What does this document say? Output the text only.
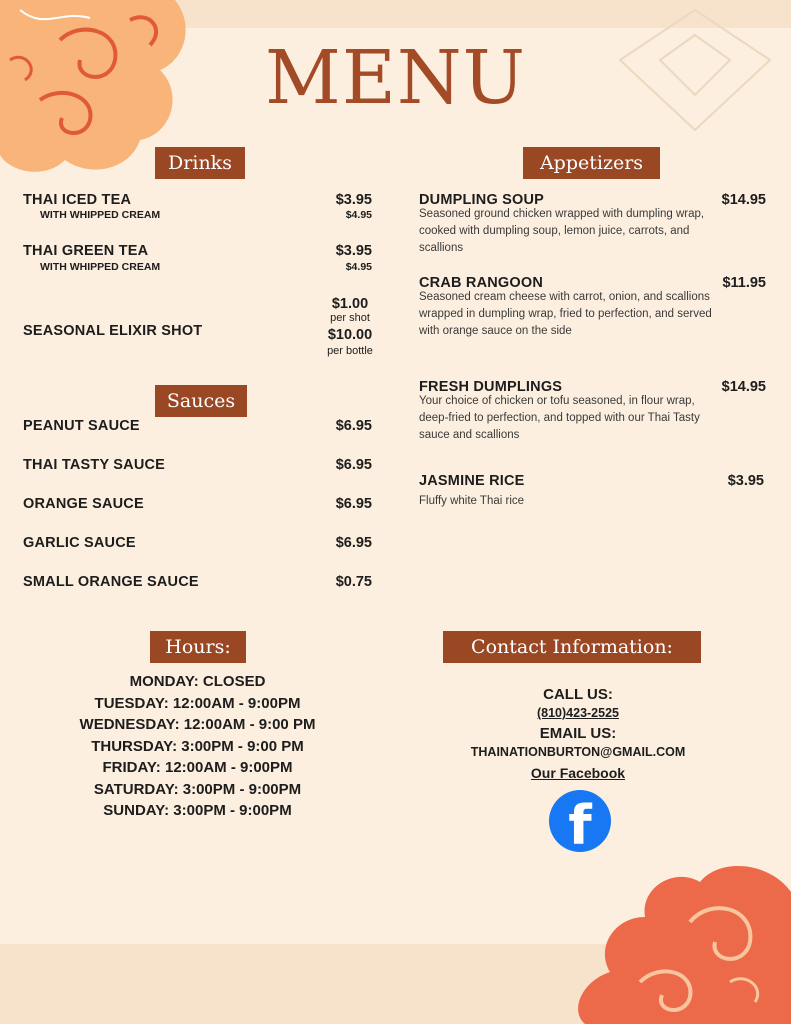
MENU
Drinks
THAI ICED TEA	$3.95
WITH WHIPPED CREAM	$4.95
THAI GREEN TEA	$3.95
WITH WHIPPED CREAM	$4.95
SEASONAL ELIXIR SHOT
$1.00
per shot
$10.00
per bottle
Sauces
PEANUT SAUCE	$6.95
THAI TASTY SAUCE	$6.95
ORANGE SAUCE	$6.95
GARLIC SAUCE	$6.95
SMALL ORANGE SAUCE	$0.75
Appetizers
DUMPLING SOUP	$14.95
Seasoned ground chicken wrapped with dumpling wrap, cooked with dumpling soup, lemon juice, carrots, and scallions
CRAB RANGOON	$11.95
Seasoned cream cheese with carrot, onion, and scallions wrapped in dumpling wrap, fried to perfection, and served with orange sauce on the side
FRESH DUMPLINGS	$14.95
Your choice of chicken or tofu seasoned, in flour wrap, deep-fried to perfection, and topped with our Thai Tasty sauce and scallions
JASMINE RICE	$3.95
Fluffy white Thai rice
Hours:
MONDAY: CLOSED
TUESDAY: 12:00AM - 9:00PM
WEDNESDAY: 12:00AM - 9:00 PM
THURSDAY: 3:00PM - 9:00 PM
FRIDAY: 12:00AM - 9:00PM
SATURDAY: 3:00PM - 9:00PM
SUNDAY: 3:00PM - 9:00PM
Contact Information:
CALL US:
(810)423-2525
EMAIL US:
THAINATIONBURTON@GMAIL.COM
Our Facebook
f
